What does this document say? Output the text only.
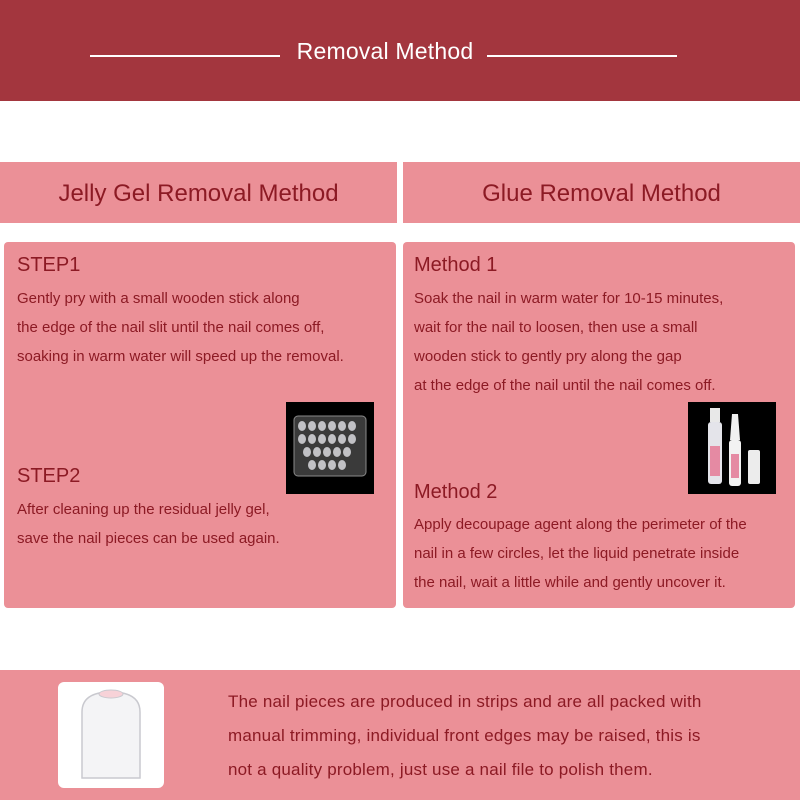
Removal Method
Jelly Gel Removal Method	Glue Removal Method
STEP1
Gently pry with a small wooden stick along
the edge of the nail slit until the nail comes off,
soaking in warm water will speed up the removal.
STEP2
After cleaning up the residual jelly gel,
save the nail pieces can be used again.
Method 1
Soak the nail in warm water for 10-15 minutes,
wait for the nail to loosen, then use a small
wooden stick to gently pry along the gap
at the edge of the nail until the nail comes off.
Method 2
Apply decoupage agent along the perimeter of the
nail in a few circles, let the liquid penetrate inside
the nail, wait a little while and gently uncover it.
The nail pieces are produced in strips and are all packed with
manual trimming, individual front edges may be raised, this is
not a quality problem, just use a nail file to polish them.
